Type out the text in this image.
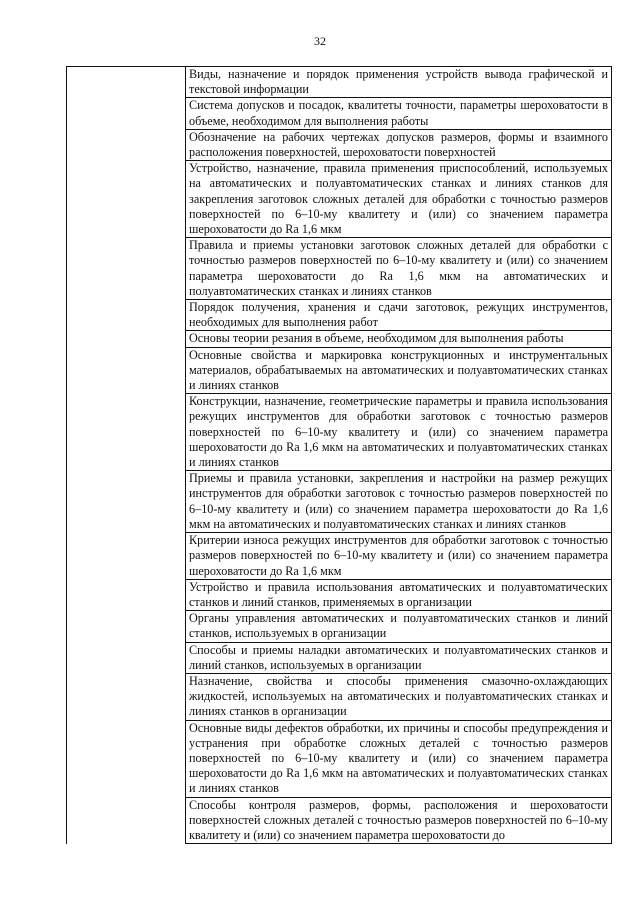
32
	Виды, назначение и порядок применения устройств вывода графической и текстовой информации
Система допусков и посадок, квалитеты точности, параметры шероховатости в объеме, необходимом для выполнения работы
Обозначение на рабочих чертежах допусков размеров, формы и взаимного расположения поверхностей, шероховатости поверхностей
Устройство, назначение, правила применения приспособлений, используемых на автоматических и полуавтоматических станках и линиях станков для закрепления заготовок сложных деталей для обработки с точностью размеров поверхностей по 6–10-му квалитету и (или) со значением параметра шероховатости до Ra 1,6 мкм
Правила и приемы установки заготовок сложных деталей для обработки с точностью размеров поверхностей по 6–10-му квалитету и (или) со значением параметра шероховатости до Ra 1,6 мкм на автоматических и полуавтоматических станках и линиях станков
Порядок получения, хранения и сдачи заготовок, режущих инструментов, необходимых для выполнения работ
Основы теории резания в объеме, необходимом для выполнения работы
Основные свойства и маркировка конструкционных и инструментальных материалов, обрабатываемых на автоматических и полуавтоматических станках и линиях станков
Конструкции, назначение, геометрические параметры и правила использования режущих инструментов для обработки заготовок с точностью размеров поверхностей по 6–10-му квалитету и (или) со значением параметра шероховатости до Ra 1,6 мкм на автоматических и полуавтоматических станках и линиях станков
Приемы и правила установки, закрепления и настройки на размер режущих инструментов для обработки заготовок с точностью размеров поверхностей по 6–10-му квалитету и (или) со значением параметра шероховатости до Ra 1,6 мкм на автоматических и полуавтоматических станках и линиях станков
Критерии износа режущих инструментов для обработки заготовок с точностью размеров поверхностей по 6–10-му квалитету и (или) со значением параметра шероховатости до Ra 1,6 мкм
Устройство и правила использования автоматических и полуавтоматических станков и линий станков, применяемых в организации
Органы управления автоматических и полуавтоматических станков и линий станков, используемых в организации
Способы и приемы наладки автоматических и полуавтоматических станков и линий станков, используемых в организации
Назначение, свойства и способы применения смазочно-охлаждающих жидкостей, используемых на автоматических и полуавтоматических станках и линиях станков в организации
Основные виды дефектов обработки, их причины и способы предупреждения и устранения при обработке сложных деталей с точностью размеров поверхностей по 6–10-му квалитету и (или) со значением параметра шероховатости до Ra 1,6 мкм на автоматических и полуавтоматических станках и линиях станков
Способы контроля размеров, формы, расположения и шероховатости поверхностей сложных деталей с точностью размеров поверхностей по 6–10-му квалитету и (или) со значением параметра шероховатости до
